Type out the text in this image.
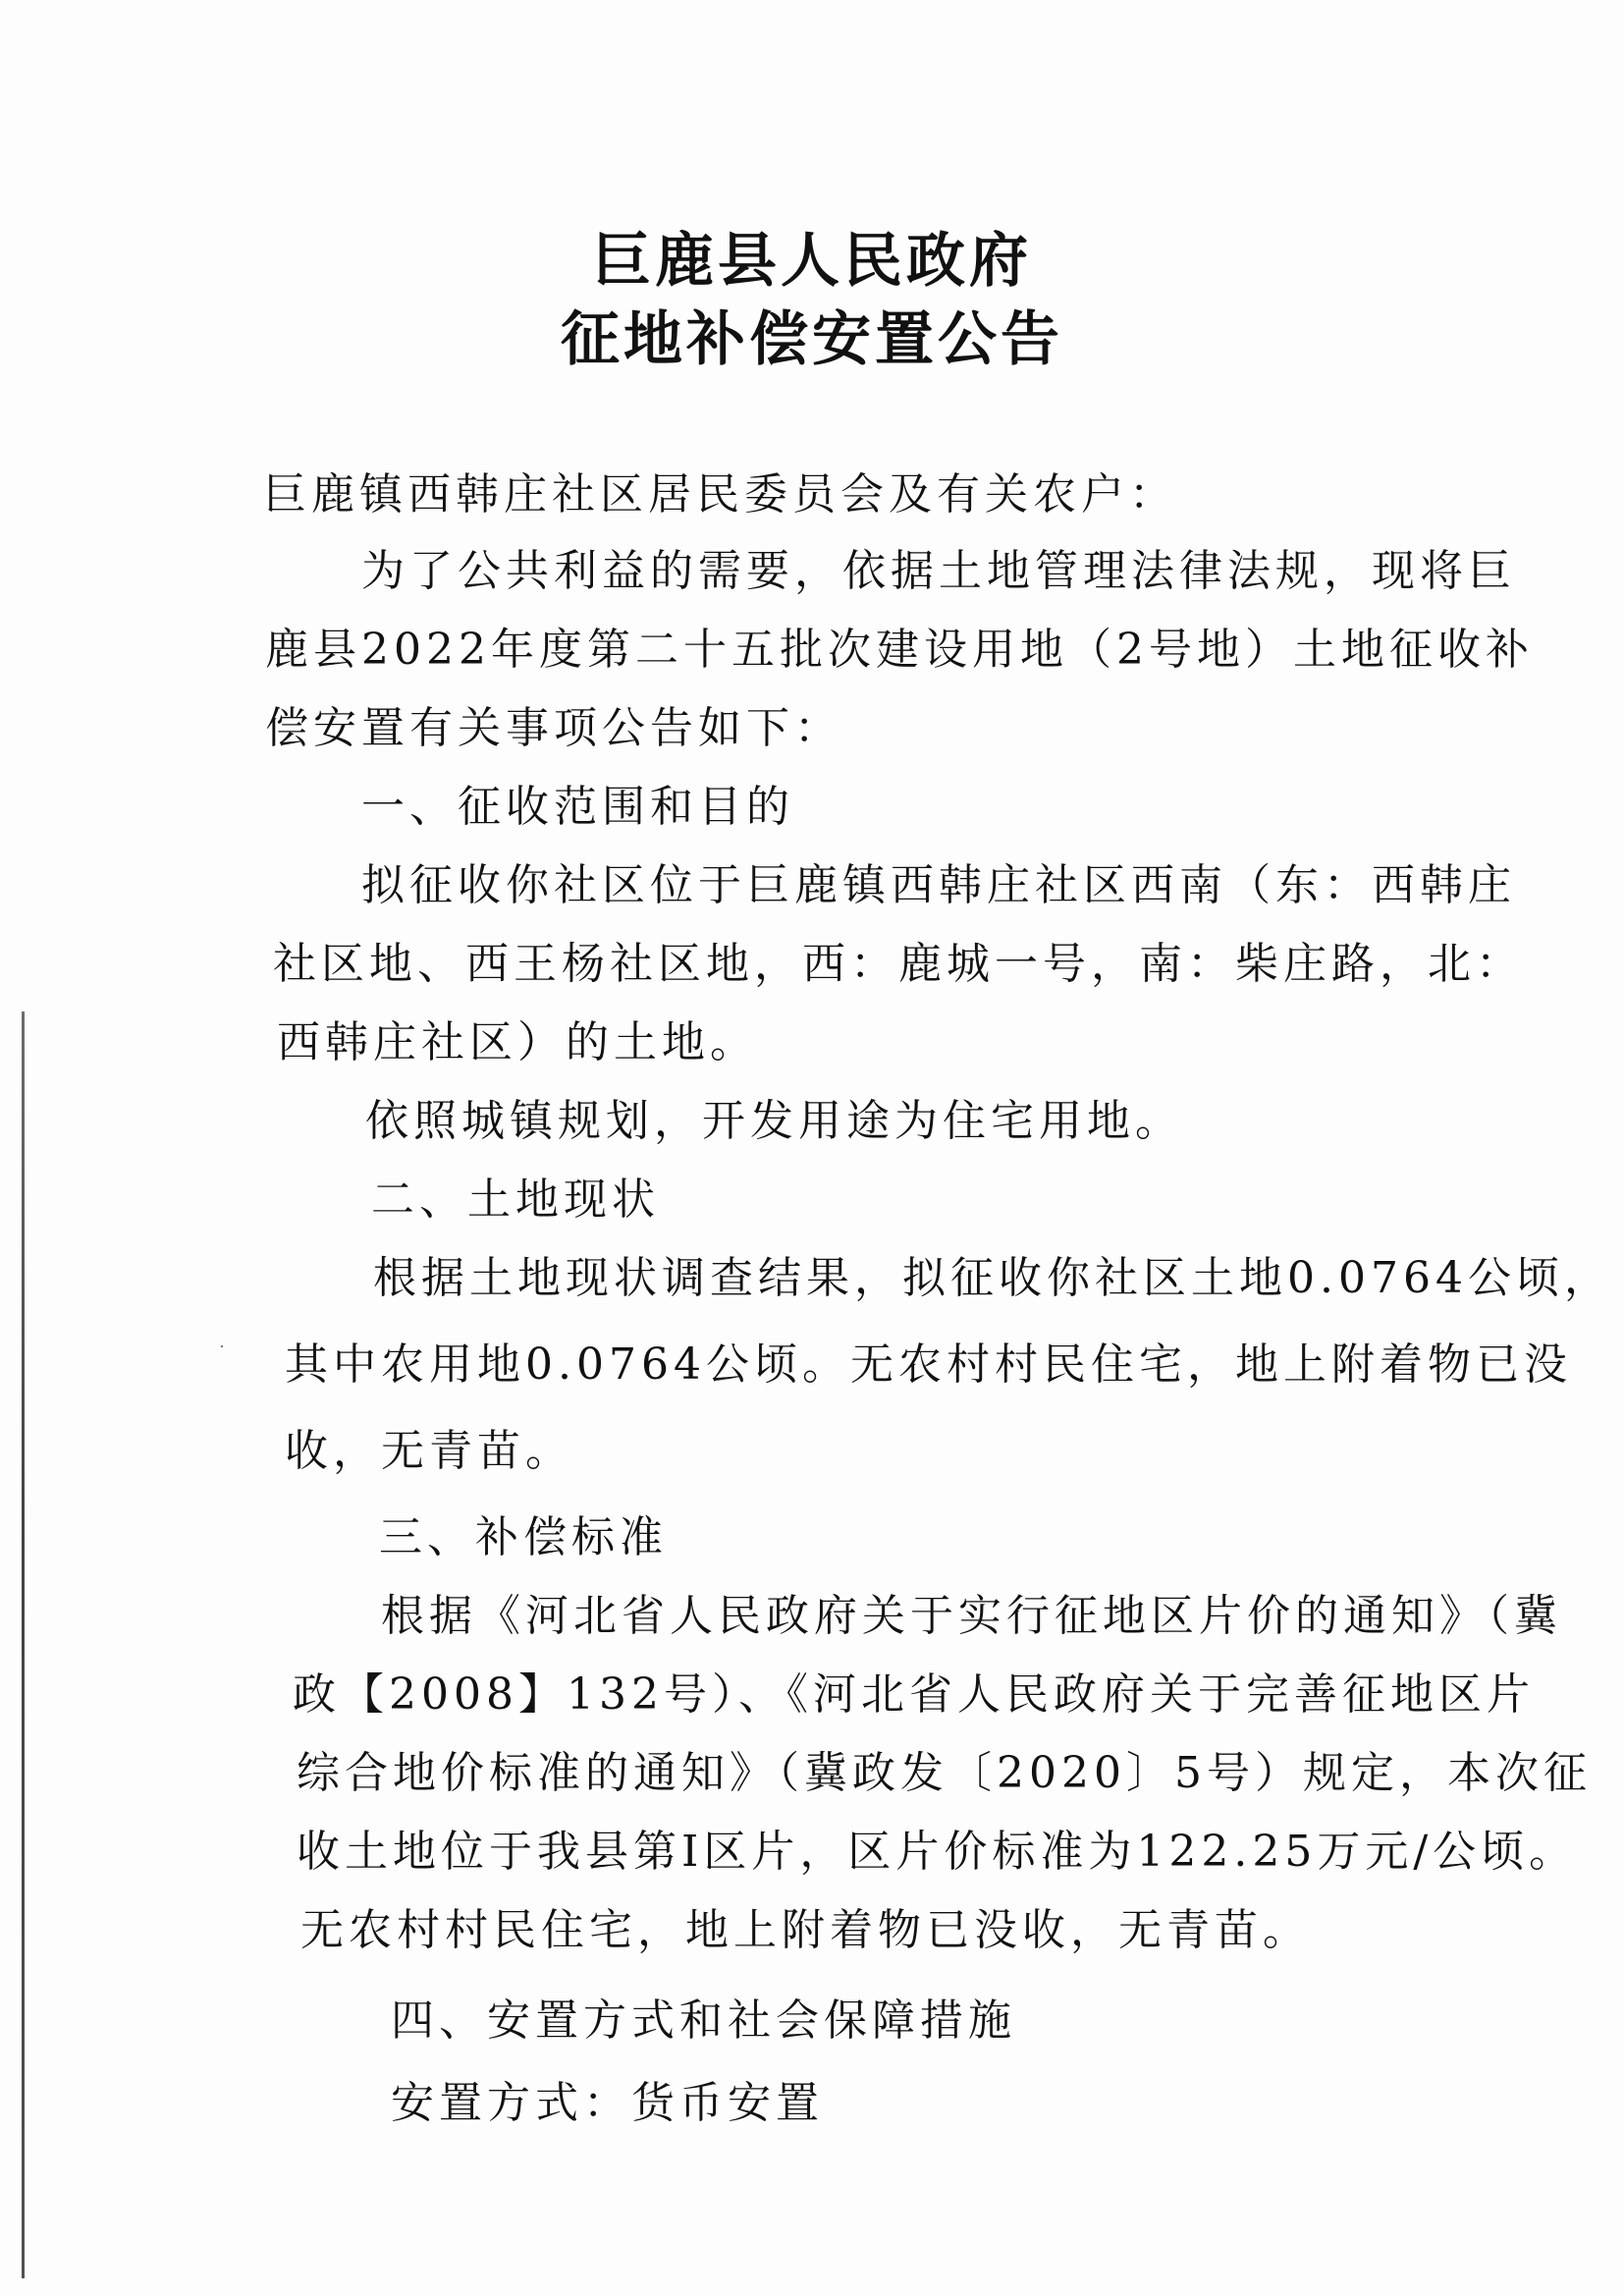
巨鹿县人民政府
征地补偿安置公告

巨鹿镇西韩庄社区居民委员会及有关农户：

为了公共利益的需要，依据土地管理法律法规，现将巨

鹿县2022年度第二十五批次建设用地（2号地）土地征收补

偿安置有关事项公告如下：

一、征收范围和目的

拟征收你社区位于巨鹿镇西韩庄社区西南（东：西韩庄

社区地、西王杨社区地，西：鹿城一号，南：柴庄路，北：

西韩庄社区）的土地。

依照城镇规划，开发用途为住宅用地。

二、土地现状

根据土地现状调查结果，拟征收你社区土地0.0764公顷，

其中农用地0.0764公顷。无农村村民住宅，地上附着物已没

收，无青苗。

三、补偿标准

根据《河北省人民政府关于实行征地区片价的通知》（冀

政【2008】132号）、《河北省人民政府关于完善征地区片

综合地价标准的通知》（冀政发〔2020〕5号）规定，本次征

收土地位于我县第Ⅰ区片，区片价标准为122.25万元/公顷。

无农村村民住宅，地上附着物已没收，无青苗。

四、安置方式和社会保障措施

安置方式：货币安置
